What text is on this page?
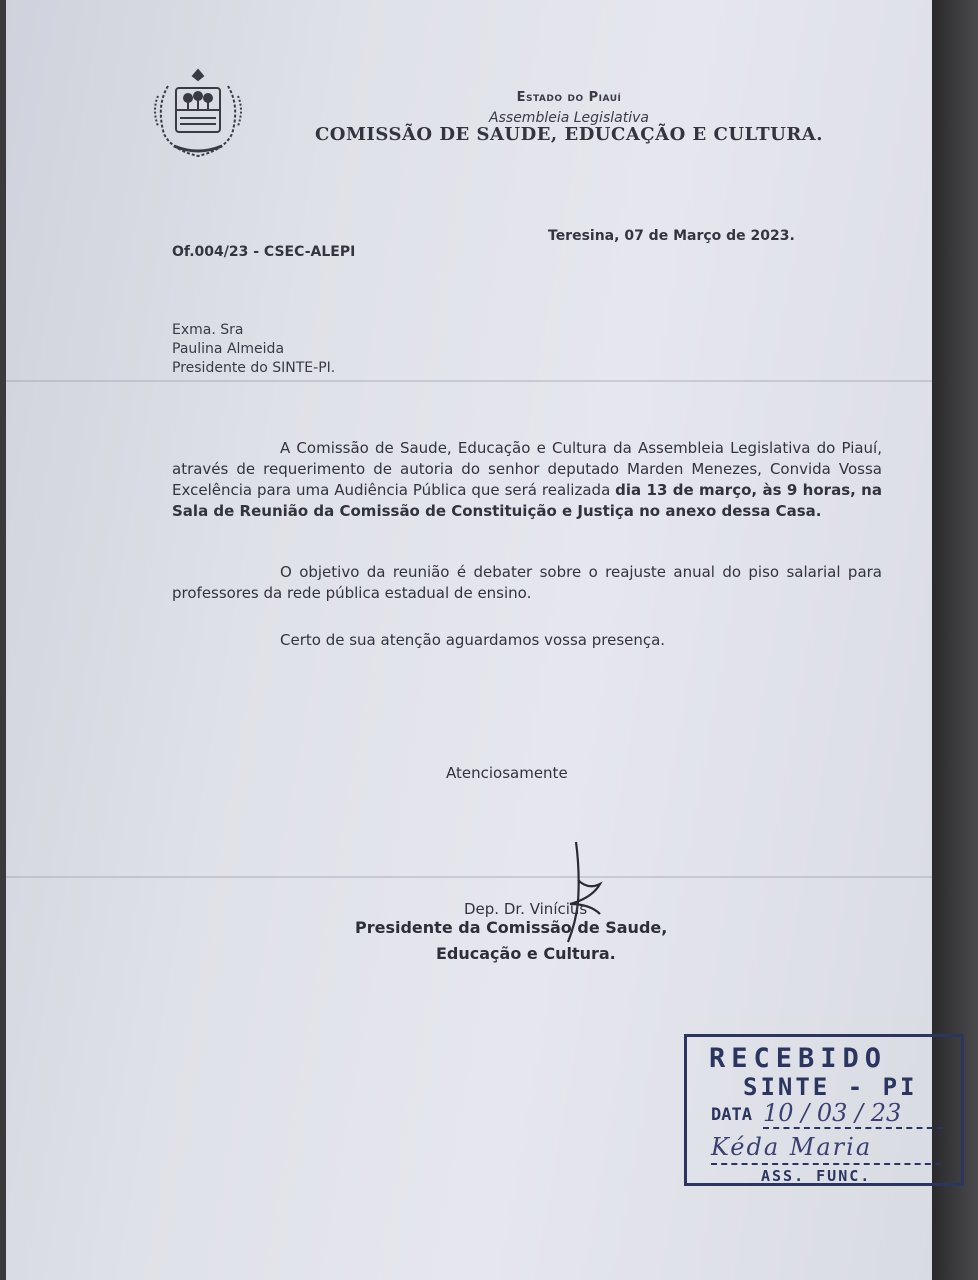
Estado do Piauí
Assembleia Legislativa
COMISSÃO DE SAUDE, EDUCAÇÃO E CULTURA.
Of.004/23 - CSEC-ALEPI
Teresina, 07 de Março de 2023.
Exma. Sra
Paulina Almeida
Presidente do SINTE-PI.

A Comissão de Saude, Educação e Cultura da Assembleia Legislativa do Piauí, através de requerimento de autoria do senhor deputado Marden Menezes, Convida Vossa Excelência para uma Audiência Pública que será realizada dia 13 de março, às 9 horas, na Sala de Reunião da Comissão de Constituição e Justiça no anexo dessa Casa.

O objetivo da reunião é debater sobre o reajuste anual do piso salarial para professores da rede pública estadual de ensino.

Certo de sua atenção aguardamos vossa presença.

Atenciosamente
Dep. Dr. Vinícius
Presidente da Comissão de Saude,
Educação e Cultura.
RECEBIDO
SINTE - PI
DATA 10 / 03 / 23
Kéda Maria
ASS. FUNC.
